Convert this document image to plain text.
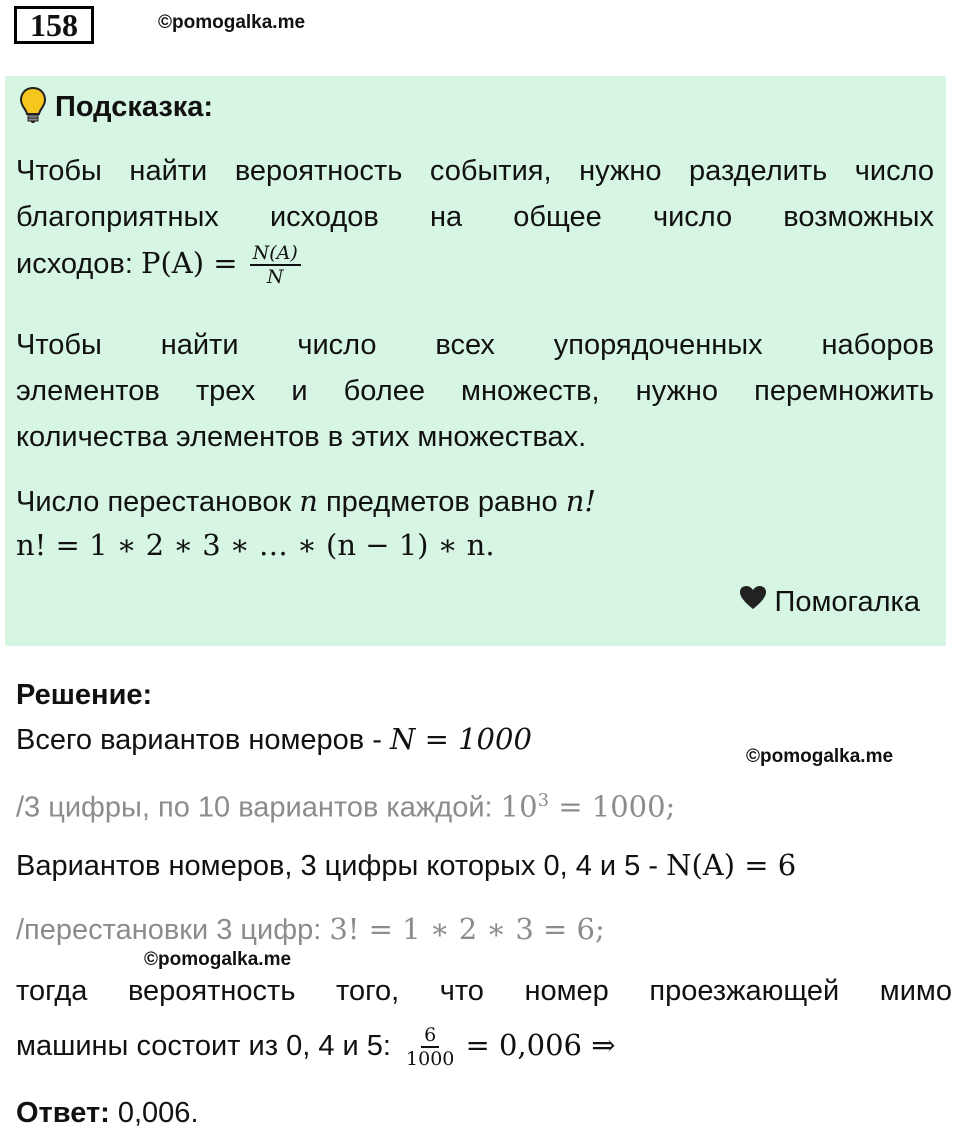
158	©pomogalka.me
Подсказка:
Чтобы найти вероятность события, нужно разделить число
благоприятных исходов на общее число возможных
исходов: $P(A) = \frac{N(A)}{N}$
Чтобы найти число всех упорядоченных наборов
элементов трех и более множеств, нужно перемножить
количества элементов в этих множествах.
Число перестановок n предметов равно n!
n! = 1 ∗ 2 ∗ 3 ∗ … ∗ (n − 1) ∗ n.
Помогалка
Решение:
Всего вариантов номеров - N = 1000
©pomogalka.me
/3 цифры, по 10 вариантов каждой: $10^3 = 1000$;
Вариантов номеров, 3 цифры которых 0, 4 и 5 - N(A) = 6
/перестановки 3 цифр: 3! = 1 ∗ 2 ∗ 3 = 6;
©pomogalka.me
тогда вероятность того, что номер проезжающей мимо
машины состоит из 0, 4 и 5: $\frac{6}{1000} = 0,006$ ⇒
Ответ: 0,006.
